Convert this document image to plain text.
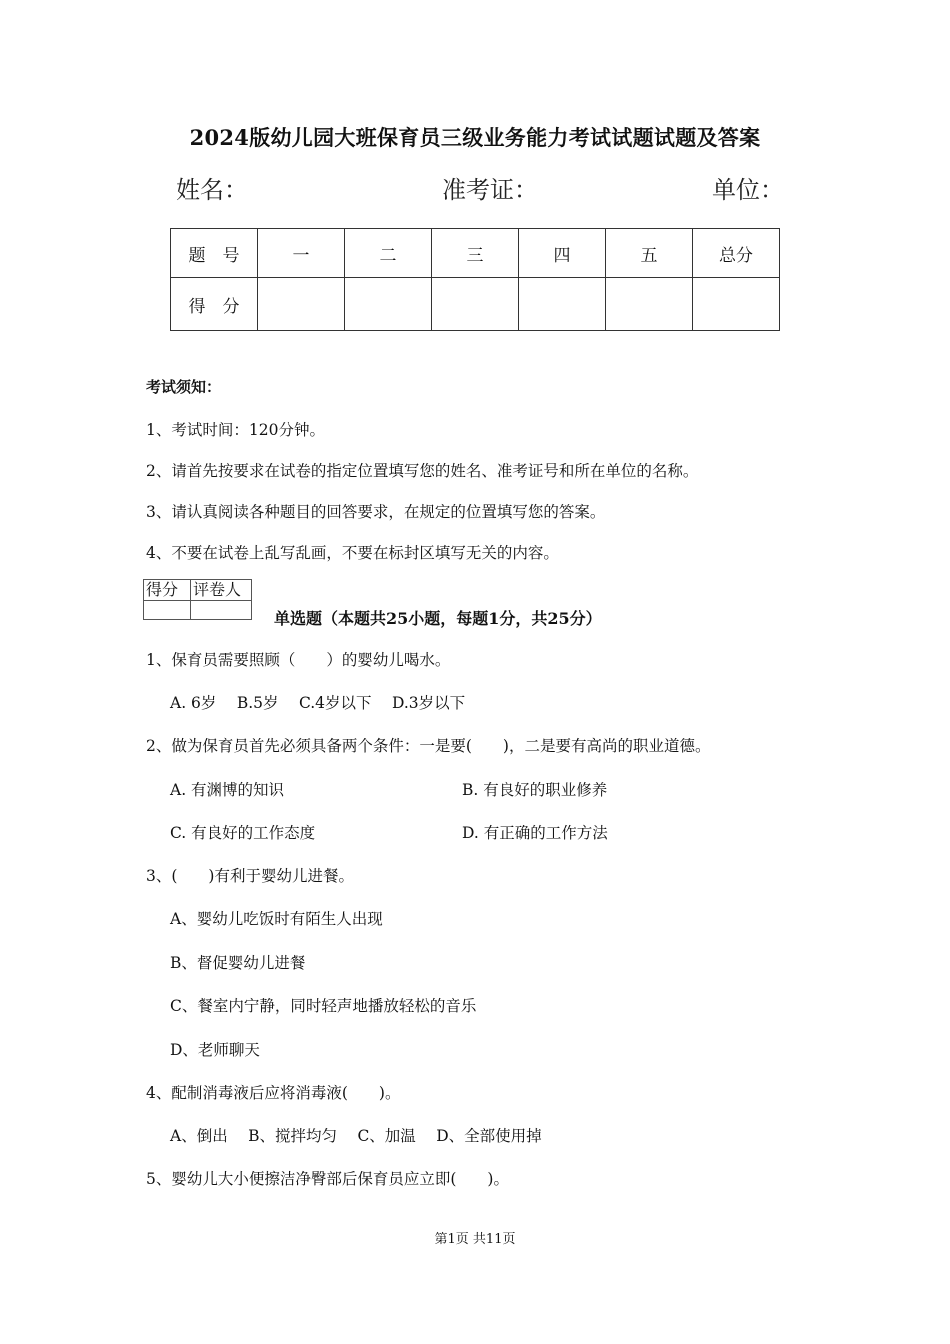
2024版幼儿园大班保育员三级业务能力考试试题试题及答案
姓名：	准考证：	单位：
题　号	一	二	三	四	五	总分
得　分						
考试须知：
1、考试时间：120分钟。
2、请首先按要求在试卷的指定位置填写您的姓名、准考证号和所在单位的名称。
3、请认真阅读各种题目的回答要求，在规定的位置填写您的答案。
4、不要在试卷上乱写乱画，不要在标封区填写无关的内容。
得分	评卷人

单选题（本题共25小题，每题1分，共25分）
1、保育员需要照顾（　　）的婴幼儿喝水。
A. 6岁　 B.5岁　 C.4岁以下　 D.3岁以下
2、做为保育员首先必须具备两个条件：一是要(　　)，二是要有高尚的职业道德。
A. 有渊博的知识	B. 有良好的职业修养
C. 有良好的工作态度	D. 有正确的工作方法
3、(　　)有利于婴幼儿进餐。
A、婴幼儿吃饭时有陌生人出现
B、督促婴幼儿进餐
C、餐室内宁静，同时轻声地播放轻松的音乐
D、老师聊天
4、配制消毒液后应将消毒液(　　)。
A、倒出　 B、搅拌均匀　 C、加温　 D、全部使用掉
5、婴幼儿大小便擦洁净臀部后保育员应立即(　　)。
第1页 共11页
